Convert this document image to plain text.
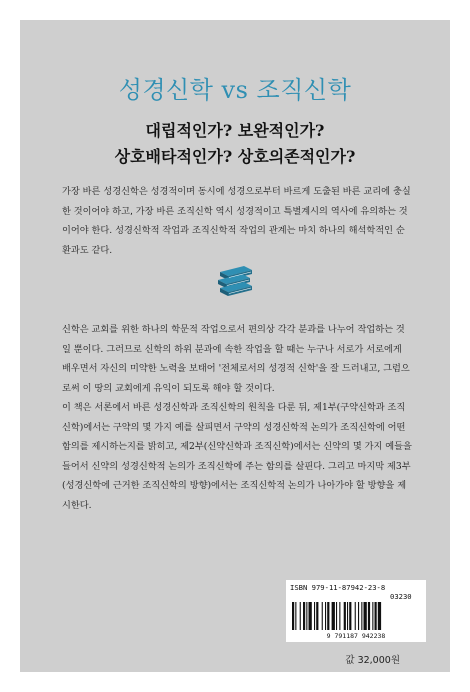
성경신학 vs 조직신학
대립적인가? 보완적인가?
상호배타적인가? 상호의존적인가?

가장 바른 성경신학은 성경적이며 동시에 성경으로부터 바르게 도출된 바른 교리에 충실한 것이어야 하고, 가장 바른 조직신학 역시 성경적이고 특별계시의 역사에 유의하는 것이어야 한다. 성경신학적 작업과 조직신학적 작업의 관계는 마치 하나의 해석학적인 순환과도 같다.

신학은 교회를 위한 하나의 학문적 작업으로서 편의상 각각 분과를 나누어 작업하는 것일 뿐이다. 그러므로 신학의 하위 분과에 속한 작업을 할 때는 누구나 서로가 서로에게 배우면서 자신의 미약한 노력을 보태어 '전체로서의 성경적 신학'을 잘 드러내고, 그럼으로써 이 땅의 교회에게 유익이 되도록 해야 할 것이다.

이 책은 서론에서 바른 성경신학과 조직신학의 원칙을 다룬 뒤, 제1부(구약신학과 조직신학)에서는 구약의 몇 가지 예를 살피면서 구약의 성경신학적 논의가 조직신학에 어떤 함의를 제시하는지를 밝히고, 제2부(신약신학과 조직신학)에서는 신약의 몇 가지 예들을 들어서 신약의 성경신학적 논의가 조직신학에 주는 함의를 살핀다. 그리고 마지막 제3부(성경신학에 근거한 조직신학의 방향)에서는 조직신학적 논의가 나아가야 할 방향을 제시한다.

ISBN 979-11-87942-23-8
03230
9 791187 942238
값 32,000원
